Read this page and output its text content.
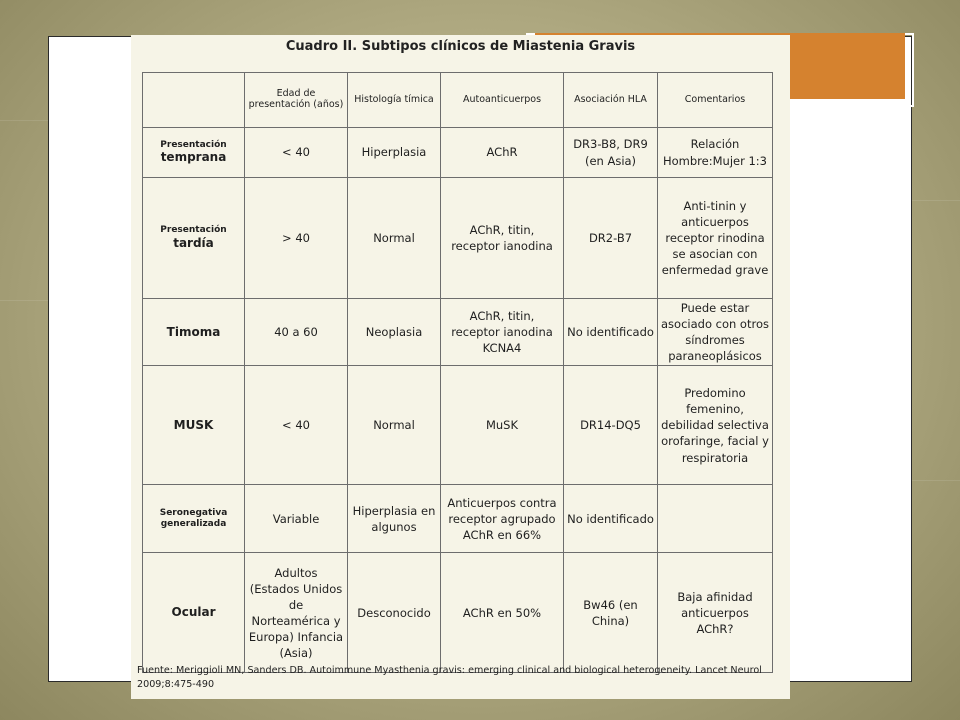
Cuadro II. Subtipos clínicos de Miastenia Gravis
	Edad de presentación (años)	Histología tímica	Autoanticuerpos	Asociación HLA	Comentarios

Presentación
temprana	< 40	Hiperplasia	AChR	DR3-B8, DR9 (en Asia)	Relación Hombre:Mujer 1:3

Presentación
tardía	> 40	Normal	AChR, titin, receptor ianodina	DR2-B7	Anti-tinin y anticuerpos receptor rinodina se asocian con enfermedad grave

Timoma	40 a 60	Neoplasia	AChR, titin, receptor ianodina KCNA4	No identificado	Puede estar asociado con otros síndromes paraneoplásicos

MUSK	< 40	Normal	MuSK	DR14-DQ5	Predomino femenino, debilidad selectiva orofaringe, facial y respiratoria

Seronegativa generalizada	Variable	Hiperplasia en algunos	Anticuerpos contra receptor agrupado AChR en 66%	No identificado	

Ocular	Adultos (Estados Unidos de Norteamérica y Europa) Infancia (Asia)	Desconocido	AChR en 50%	Bw46 (en China)	Baja afinidad anticuerpos AChR?
Fuente: Meriggioli MN, Sanders DB. Autoimmune Myasthenia gravis: emerging clinical and biological heterogeneity. Lancet Neurol 2009;8:475-490
